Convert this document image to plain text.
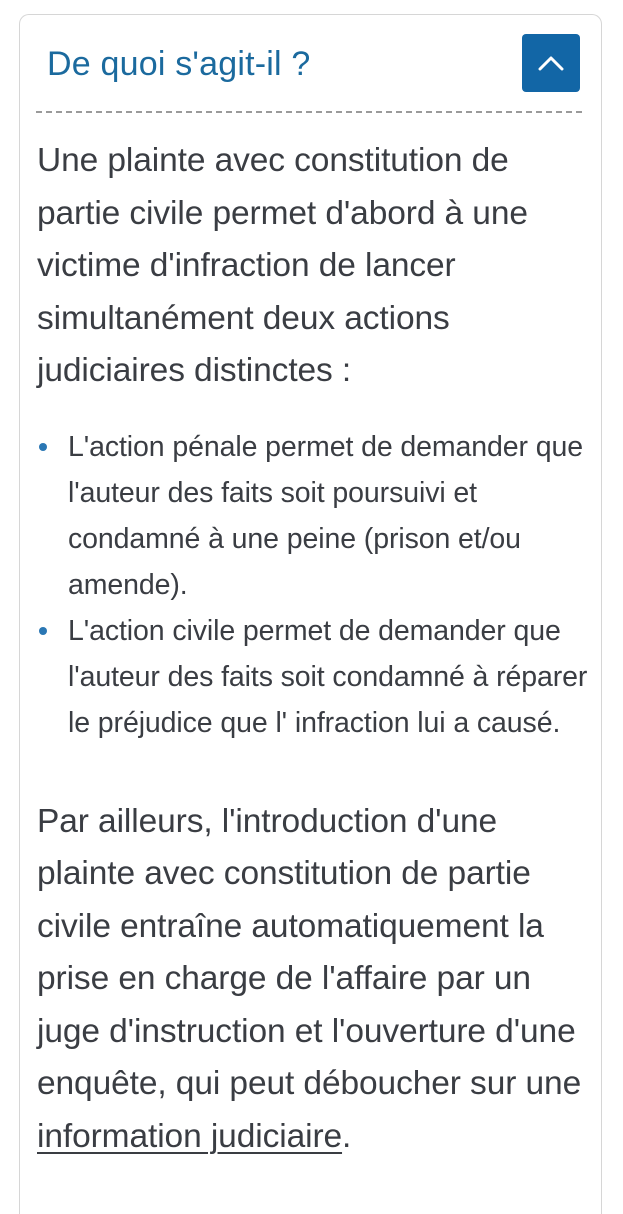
De quoi s'agit-il ?

Une plainte avec constitution de partie civile permet d'abord à une victime d'infraction de lancer simultanément deux actions judiciaires distinctes :

L'action pénale permet de demander que l'auteur des faits soit poursuivi et condamné à une peine (prison et/ou amende).
L'action civile permet de demander que l'auteur des faits soit condamné à réparer le préjudice que l' infraction lui a causé.

Par ailleurs, l'introduction d'une plainte avec constitution de partie civile entraîne automatiquement la prise en charge de l'affaire par un juge d'instruction et l'ouverture d'une enquête, qui peut déboucher sur une information judiciaire.
